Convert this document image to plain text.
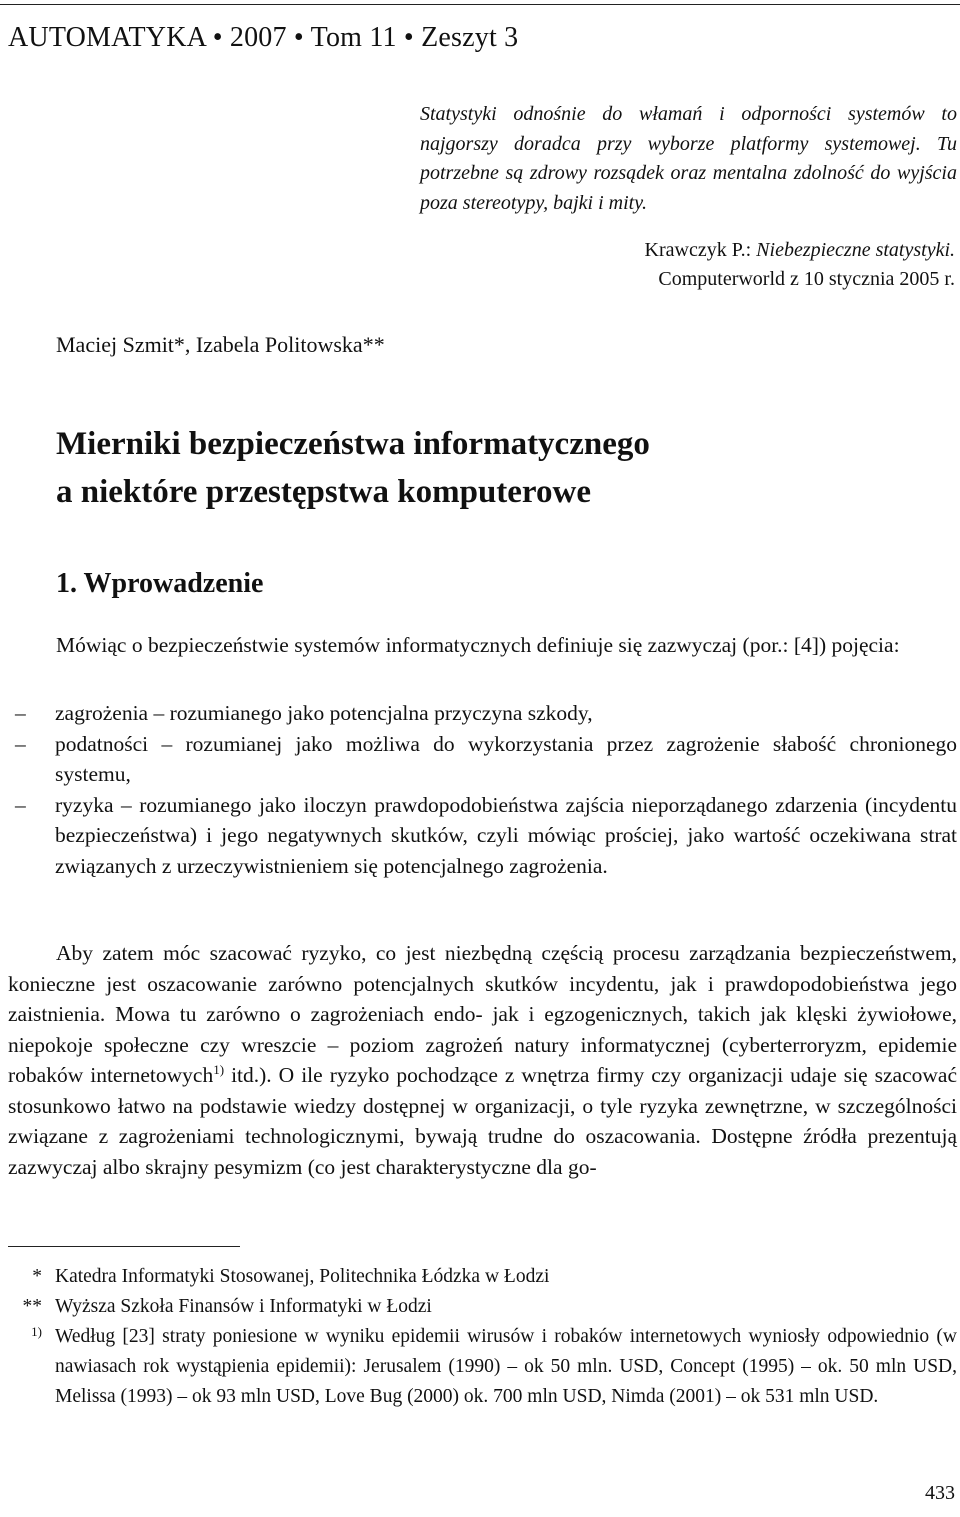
AUTOMATYKA • 2007 • Tom 11 • Zeszyt 3
Statystyki odnośnie do włamań i odporności systemów to najgorszy doradca przy wyborze platformy systemowej. Tu potrzebne są zdrowy rozsądek oraz mentalna zdolność do wyjścia poza stereotypy, bajki i mity.
Krawczyk P.: Niebezpieczne statystyki.
Computerworld z 10 stycznia 2005 r.
Maciej Szmit*, Izabela Politowska**
Mierniki bezpieczeństwa informatycznego
a niektóre przestępstwa komputerowe
1. Wprowadzenie

Mówiąc o bezpieczeństwie systemów informatycznych definiuje się zazwyczaj (por.: [4]) pojęcia:

– zagrożenia – rozumianego jako potencjalna przyczyna szkody,
– podatności – rozumianej jako możliwa do wykorzystania przez zagrożenie słabość chronionego systemu,
– ryzyka – rozumianego jako iloczyn prawdopodobieństwa zajścia nieporządanego zdarzenia (incydentu bezpieczeństwa) i jego negatywnych skutków, czyli mówiąc prościej, jako wartość oczekiwana strat związanych z urzeczywistnieniem się potencjalnego zagrożenia.

Aby zatem móc szacować ryzyko, co jest niezbędną częścią procesu zarządzania bezpieczeństwem, konieczne jest oszacowanie zarówno potencjalnych skutków incydentu, jak i prawdopodobieństwa jego zaistnienia. Mowa tu zarówno o zagrożeniach endo- jak i egzogenicznych, takich jak klęski żywiołowe, niepokoje społeczne czy wreszcie – poziom zagrożeń natury informatycznej (cyberterroryzm, epidemie robaków internetowych$^{1)}$ itd.). O ile ryzyko pochodzące z wnętrza firmy czy organizacji udaje się szacować stosunkowo łatwo na podstawie wiedzy dostępnej w organizacji, o tyle ryzyka zewnętrzne, w szczególności związane z zagrożeniami technologicznymi, bywają trudne do oszacowania. Dostępne źródła prezentują zazwyczaj albo skrajny pesymizm (co jest charakterystyczne dla go-

* Katedra Informatyki Stosowanej, Politechnika Łódzka w Łodzi
** Wyższa Szkoła Finansów i Informatyki w Łodzi
1) Według [23] straty poniesione w wyniku epidemii wirusów i robaków internetowych wyniosły odpowiednio (w nawiasach rok wystąpienia epidemii): Jerusalem (1990) – ok 50 mln. USD, Concept (1995) – ok. 50 mln USD, Melissa (1993) – ok 93 mln USD, Love Bug (2000) ok. 700 mln USD, Nimda (2001) – ok 531 mln USD.
433
